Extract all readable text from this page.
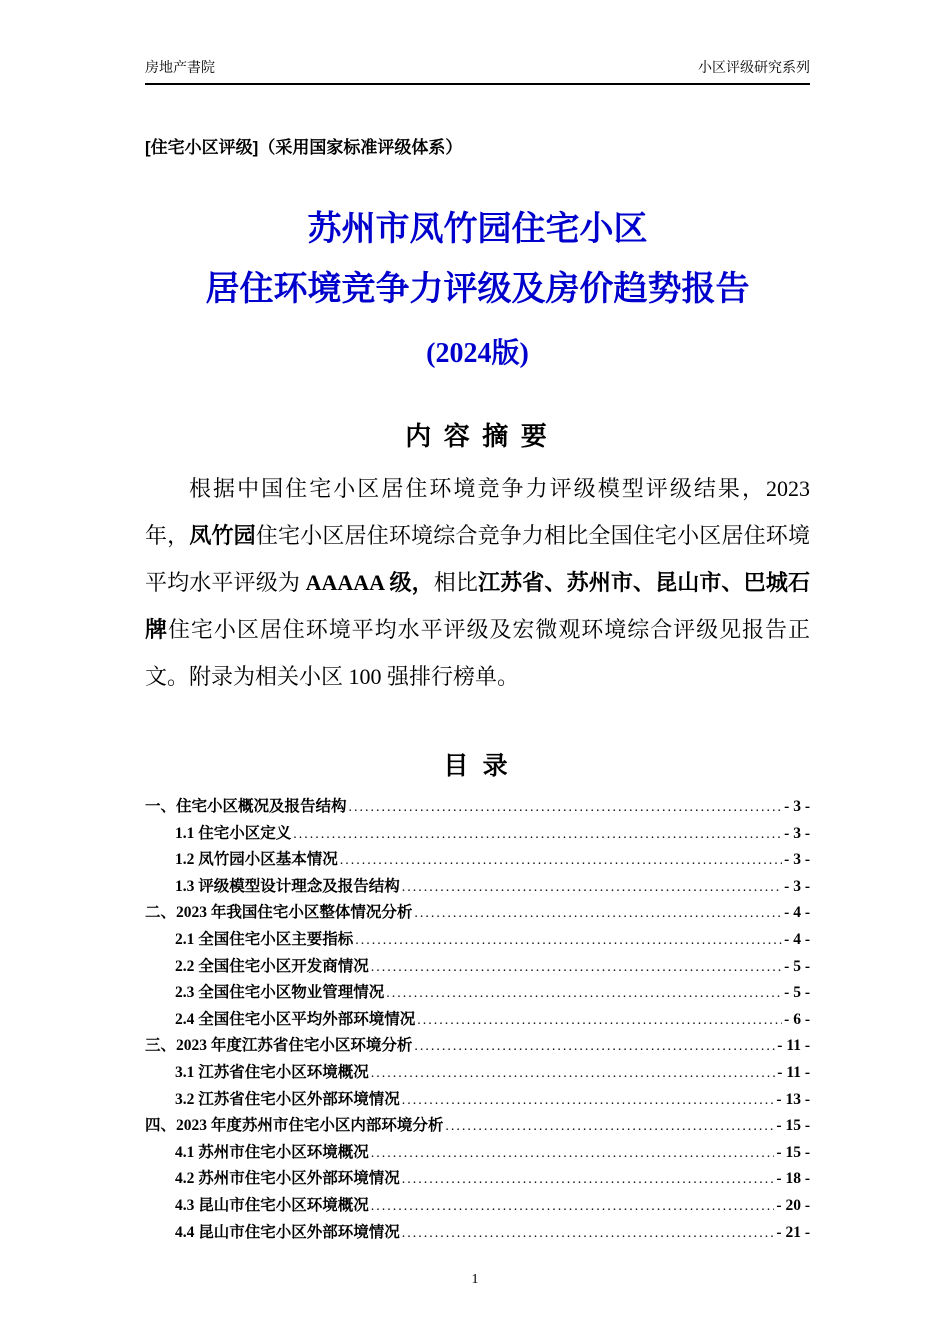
房地产書院	小区评级研究系列
[住宅小区评级]（采用国家标准评级体系）
苏州市凤竹园住宅小区
居住环境竞争力评级及房价趋势报告
(2024版)
内 容 摘 要
根据中国住宅小区居住环境竞争力评级模型评级结果，2023 年，凤竹园住宅小区居住环境综合竞争力相比全国住宅小区居住环境平均水平评级为 AAAAA 级，相比江苏省、苏州市、昆山市、巴城石牌住宅小区居住环境平均水平评级及宏微观环境综合评级见报告正文。附录为相关小区 100 强排行榜单。
目 录
一、住宅小区概况及报告结构 .....	- 3 -
1.1 住宅小区定义 .....	- 3 -
1.2 凤竹园小区基本情况 .....	- 3 -
1.3 评级模型设计理念及报告结构 .....	- 3 -
二、2023 年我国住宅小区整体情况分析 .....	- 4 -
2.1 全国住宅小区主要指标 .....	- 4 -
2.2 全国住宅小区开发商情况 .....	- 5 -
2.3 全国住宅小区物业管理情况 .....	- 5 -
2.4 全国住宅小区平均外部环境情况 .....	- 6 -
三、2023 年度江苏省住宅小区环境分析 .....	- 11 -
3.1 江苏省住宅小区环境概况 .....	- 11 -
3.2 江苏省住宅小区外部环境情况 .....	- 13 -
四、2023 年度苏州市住宅小区内部环境分析 .....	- 15 -
4.1 苏州市住宅小区环境概况 .....	- 15 -
4.2 苏州市住宅小区外部环境情况 .....	- 18 -
4.3 昆山市住宅小区环境概况 .....	- 20 -
4.4 昆山市住宅小区外部环境情况 .....	- 21 -
1
